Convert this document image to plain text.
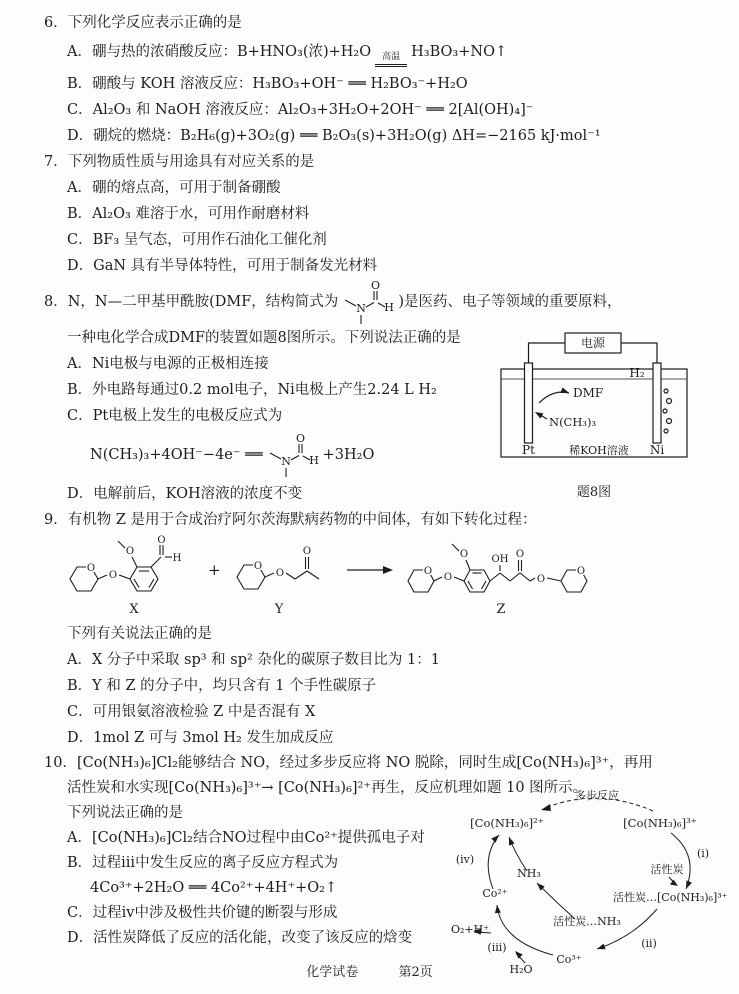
6．下列化学反应表示正确的是
A．硼与热的浓硝酸反应：B+HNO₃(浓)+H₂O 高温 H₃BO₃+NO↑
B．硼酸与 KOH 溶液反应：H₃BO₃+OH⁻ ══ H₂BO₃⁻+H₂O
C．Al₂O₃ 和 NaOH 溶液反应：Al₂O₃+3H₂O+2OH⁻ ══ 2[Al(OH)₄]⁻
D．硼烷的燃烧：B₂H₆(g)+3O₂(g) ══ B₂O₃(s)+3H₂O(g) ΔH=−2165 kJ·mol⁻¹
7．下列物质性质与用途具有对应关系的是
A．硼的熔点高，可用于制备硼酸
B．Al₂O₃ 难溶于水，可用作耐磨材料
C．BF₃ 呈气态，可用作石油化工催化剂
D．GaN 具有半导体特性，可用于制备发光材料
8．N，N—二甲基甲酰胺(DMF，结构简式为 N
O
H )是医药、电子等领域的重要原料，
一种电化学合成DMF的装置如题8图所示。下列说法正确的是
A．Ni电极与电源的正极相连接
B．外电路每通过0.2 mol电子，Ni电极上产生2.24 L H₂
C．Pt电极上发生的电极反应式为
N(CH₃)₃+4OH⁻−4e⁻ ══ N
O
H +3H₂O
D．电解前后，KOH溶液的浓度不变
电源
DMF
N(CH₃)₃
H₂
Pt	Ni
稀KOH溶液
题8图
9．有机物 Z 是用于合成治疗阿尔茨海默病药物的中间体，有如下转化过程：
O
O
O
O
H
X
+	O
O
O
Y
O
O
O OH O
O
O
Z
下列有关说法正确的是
A．X 分子中采取 sp³ 和 sp² 杂化的碳原子数目比为 1：1
B．Y 和 Z 的分子中，均只含有 1 个手性碳原子
C．可用银氨溶液检验 Z 中是否混有 X
D．1mol Z 可与 3mol H₂ 发生加成反应
10．[Co(NH₃)₆]Cl₂能够结合 NO，经过多步反应将 NO 脱除，同时生成[Co(NH₃)₆]³⁺，再用
活性炭和水实现[Co(NH₃)₆]³⁺→ [Co(NH₃)₆]²⁺再生，反应机理如题 10 图所示。
下列说法正确的是
A．[Co(NH₃)₆]Cl₂结合NO过程中由Co²⁺提供孤电子对
B．过程iii中发生反应的离子反应方程式为
4Co³⁺+2H₂O ══ 4Co²⁺+4H⁺+O₂↑
C．过程iv中涉及极性共价键的断裂与形成
D．活性炭降低了反应的活化能，改变了该反应的焓变
多步反应
[Co(NH₃)₆]²⁺	[Co(NH₃)₆]³⁺
(i)
活性炭
活性炭…[Co(NH₃)₆]³⁺
(ii)
活性炭…NH₃
Co³⁺
H₂O
(iii)
O₂+H⁺
(iv)
Co²⁺
NH₃
化学试卷	第2页
